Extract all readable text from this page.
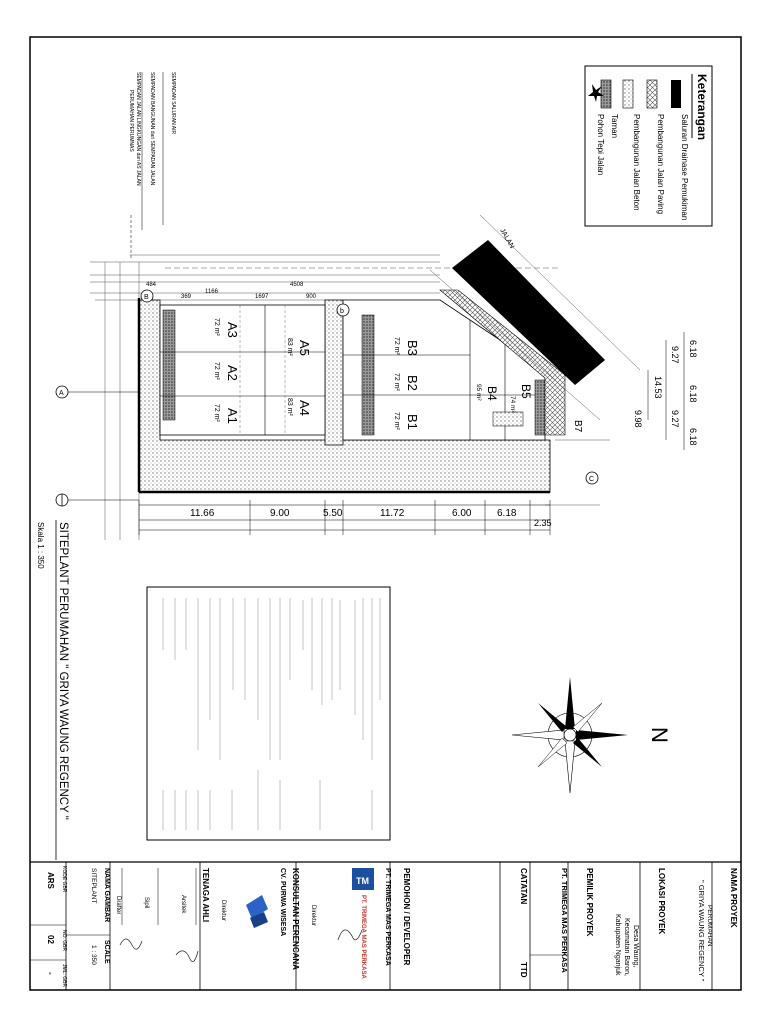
NAMA PROYEK
PERUMAHAN
" GRIYA WAUNG REGENCY "
LOKASI PROYEK
Desa Waung,
Kecamatan Baron,
Kabupaten Nganjuk
PEMILIK PROYEK
PT. TRIMEGA MAS PERKASA
CATATAN
TTD
PEMOHON / DEVELOPER
PT. TRIMEGA MAS PERKASA
TM
PT. TRIMEGA MAS PERKASA
Direktur
KONSULTAN PERENCANA
CV. PURWA WISESA
Direktur
TENAGA AHLI
Arsitek
Sipil
Drafter
NAMA GAMBAR
SITEPLANT
SCALE
1 : 350
KODE GBR
ARS
NO. GBR
02
JML. GBR
-
Keterangan
Saluran Drainase Pemukiman
Pembangunan Jalan Paving
Pembangunan Jalan Beton
Taman
Pohon Tepi Jalan
SEMPADAN SALURAN AIR
SEMPADAN BANGUNAN dari SEMPADAN JALAN
SEMPADAN JALAN LINGKUNGAN dari AS JALAN
PERUMAHAN PERUMNAS
4508
1166
1697	900
484
369
A3
72 m²
A2
72 m²
A1
72 m²
A5
83 m²
A4
83 m²
B3
72 m²
B2
72 m²
B1
72 m²
B4
95 m²	B5
74 m²
B7
JALAN
6.18
9.27
14.53
9.98
6.18
9.27
6.18
11.66	9.00	5.50	11.72	6.00	6.18
2.35
B
b
C
A
SITEPLANT PERUMAHAN " GRIYA WAUNG REGENCY "
Skala 1 : 350
N
